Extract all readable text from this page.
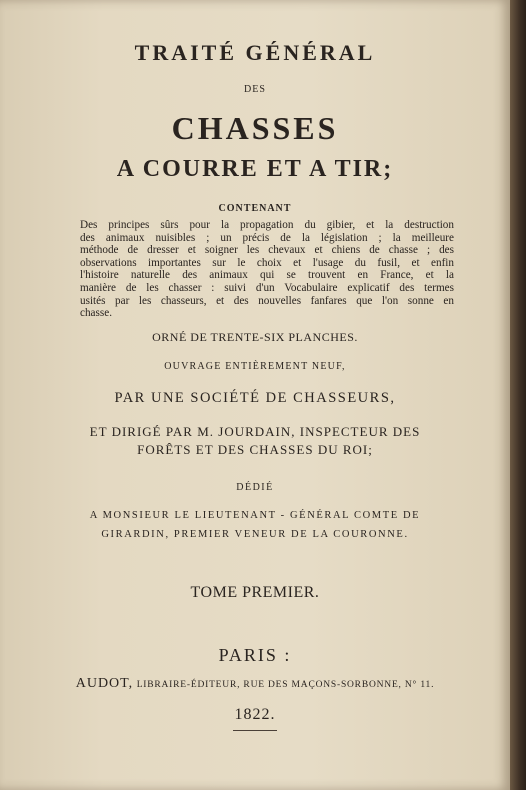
TRAITÉ GÉNÉRAL
DES
CHASSES
A COURRE ET A TIR;
CONTENANT
Des principes sûrs pour la propagation du gibier, et la destruction
des animaux nuisibles ; un précis de la législation ; la meilleure
méthode de dresser et soigner les chevaux et chiens de chasse ; des
observations importantes sur le choix et l'usage du fusil, et enfin
l'histoire naturelle des animaux qui se trouvent en France, et la
manière de les chasser : suivi d'un Vocabulaire explicatif des termes
usités par les chasseurs, et des nouvelles fanfares que l'on sonne en
chasse.
ORNÉ DE TRENTE-SIX PLANCHES.
OUVRAGE ENTIÈREMENT NEUF,
PAR UNE SOCIÉTÉ DE CHASSEURS,
ET DIRIGÉ PAR M. JOURDAIN, INSPECTEUR DES
FORÊTS ET DES CHASSES DU ROI;
DÉDIÉ
A MONSIEUR LE LIEUTENANT - GÉNÉRAL COMTE DE
GIRARDIN, PREMIER VENEUR DE LA COURONNE.
TOME PREMIER.
PARIS :
AUDOT, LIBRAIRE-ÉDITEUR, RUE DES MAÇONS-SORBONNE, N° 11.
1822.
